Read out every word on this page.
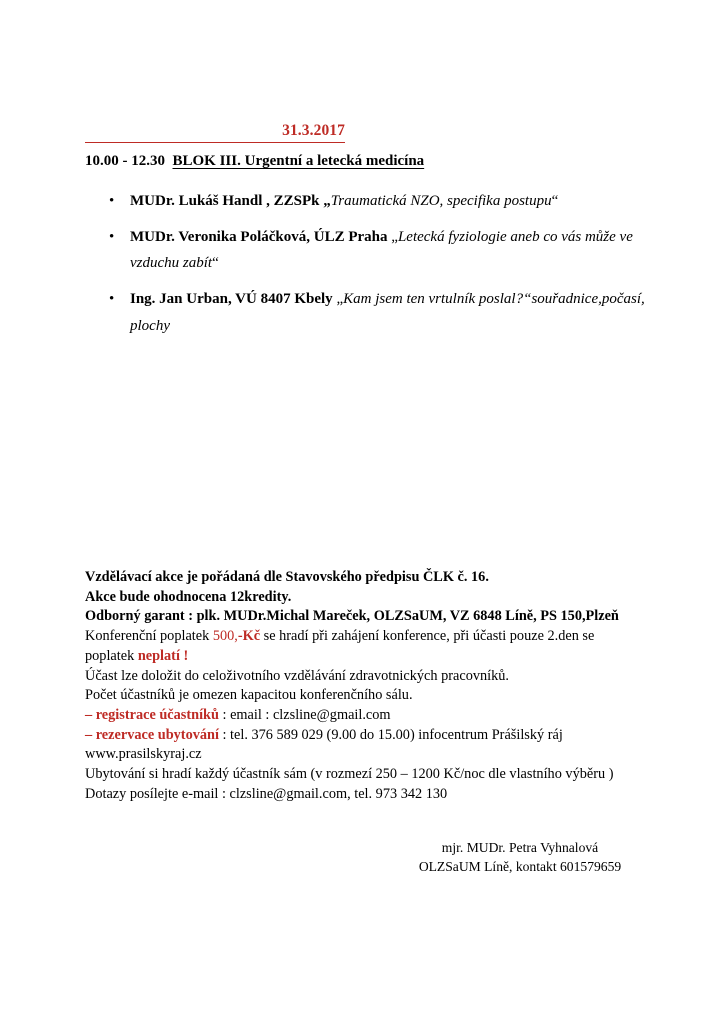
31.3.2017
10.00 - 12.30 BLOK III. Urgentní a letecká medicína
• MUDr. Lukáš Handl , ZZSPk „Traumatická NZO, specifika postupu“
• MUDr. Veronika Poláčková, ÚLZ Praha „Letecká fyziologie aneb co vás může ve vzduchu zabít“
• Ing. Jan Urban, VÚ 8407 Kbely „Kam jsem ten vrtulník poslal?“souřadnice,počasí, plochy

Vzdělávací akce je pořádaná dle Stavovského předpisu ČLK č. 16.

Akce bude ohodnocena 12kredity.

Odborný garant : plk. MUDr.Michal Mareček, OLZSaUM, VZ 6848 Líně, PS 150,Plzeň

Konferenční poplatek 500,-Kč se hradí při zahájení konference, při účasti pouze 2.den se

poplatek neplatí !

Účast lze doložit do celoživotního vzdělávání zdravotnických pracovníků.

Počet účastníků je omezen kapacitou konferenčního sálu.

– registrace účastníků : email : clzsline@gmail.com

– rezervace ubytování : tel. 376 589 029 (9.00 do 15.00) infocentrum Prášilský ráj

www.prasilskyraj.cz

Ubytování si hradí každý účastník sám (v rozmezí 250 – 1200 Kč/noc dle vlastního výběru )

Dotazy posílejte e-mail : clzsline@gmail.com, tel. 973 342 130

mjr. MUDr. Petra Vyhnalová

OLZSaUM Líně, kontakt 601579659
